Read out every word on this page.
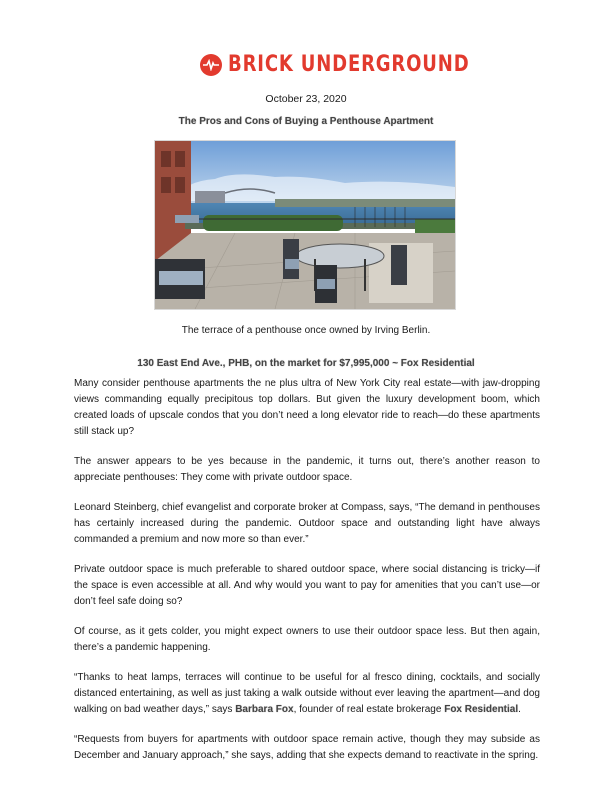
BRICK UNDERGROUND
October 23, 2020
The Pros and Cons of Buying a Penthouse Apartment
The terrace of a penthouse once owned by Irving Berlin.
130 East End Ave., PHB, on the market for $7,995,000 ~ Fox Residential

Many consider penthouse apartments the ne plus ultra of New York City real estate—with jaw-dropping views commanding equally precipitous top dollars. But given the luxury development boom, which created loads of upscale condos that you don’t need a long elevator ride to reach—do these apartments still stack up?

The answer appears to be yes because in the pandemic, it turns out, there’s another reason to appreciate penthouses: They come with private outdoor space.

Leonard Steinberg, chief evangelist and corporate broker at Compass, says, “The demand in penthouses has certainly increased during the pandemic. Outdoor space and outstanding light have always commanded a premium and now more so than ever.”

Private outdoor space is much preferable to shared outdoor space, where social distancing is tricky—if the space is even accessible at all. And why would you want to pay for amenities that you can’t use—or don’t feel safe doing so?

Of course, as it gets colder, you might expect owners to use their outdoor space less. But then again, there’s a pandemic happening.

“Thanks to heat lamps, terraces will continue to be useful for al fresco dining, cocktails, and socially distanced entertaining, as well as just taking a walk outside without ever leaving the apartment—and dog walking on bad weather days,” says Barbara Fox, founder of real estate brokerage Fox Residential.

“Requests from buyers for apartments with outdoor space remain active, though they may subside as December and January approach,” she says, adding that she expects demand to reactivate in the spring.
